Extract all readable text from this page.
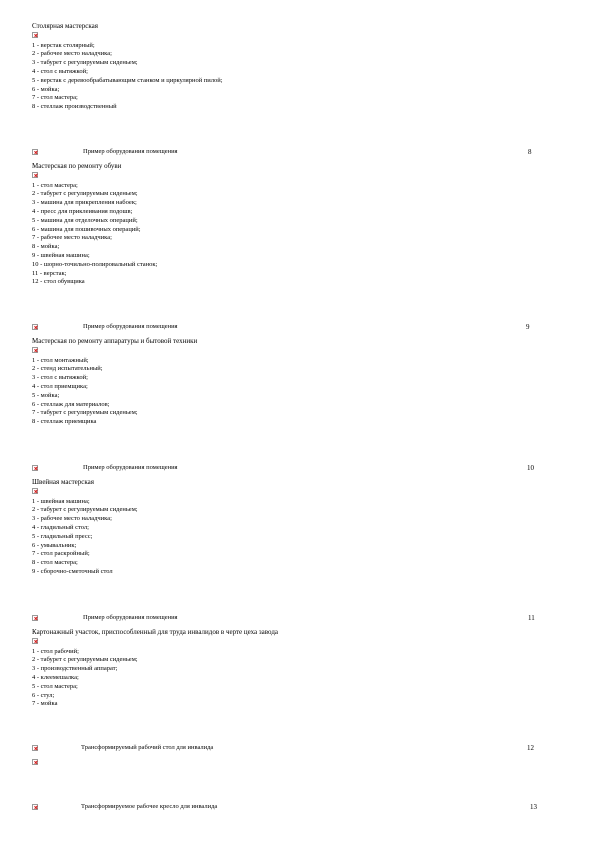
Столярная мастерская
1 - верстак столярный;
2 - рабочее место наладчика;
3 - табурет с регулируемым сиденьем;
4 - стол с вытяжкой;
5 - верстак с деревообрабатывающим станком и циркулярной пилой;
6 - мойка;
7 - стол мастера;
8 - стеллаж производственный
Пример оборудования помещения	8
Мастерская по ремонту обуви
1 - стол мастера;
2 - табурет с регулируемым сиденьем;
3 - машина для прикрепления набоек;
4 - пресс для приклеивания подошв;
5 - машина для отделочных операций;
6 - машина для пошивочных операций;
7 - рабочее место наладчика;
8 - мойка;
9 - швейная машина;
10 - шорно-точильно-полировальный станок;
11 - верстак;
12 - стол обувщика
Пример оборудования помещения	9
Мастерская по ремонту аппаратуры и бытовой техники
1 - стол монтажный;
2 - стенд испытательный;
3 - стол с вытяжкой;
4 - стол приемщика;
5 - мойка;
6 - стеллаж для материалов;
7 - табурет с регулируемым сиденьем;
8 - стеллаж приемщика
Пример оборудования помещения	10
Швейная мастерская
1 - швейная машина;
2 - табурет с регулируемым сиденьем;
3 - рабочее место наладчика;
4 - гладильный стол;
5 - гладильный пресс;
6 - умывальник;
7 - стол раскройный;
8 - стол мастера;
9 - сборочно-сметочный стол
Пример оборудования помещения	11
Картонажный участок, приспособленный для труда инвалидов в черте цеха завода
1 - стол рабочий;
2 - табурет с регулируемым сиденьем;
3 - производственный аппарат;
4 - клеемешалка;
5 - стол мастера;
6 - стул;
7 - мойка
Трансформируемый рабочий стол для инвалида	12
Трансформируемое рабочее кресло для инвалида	13
